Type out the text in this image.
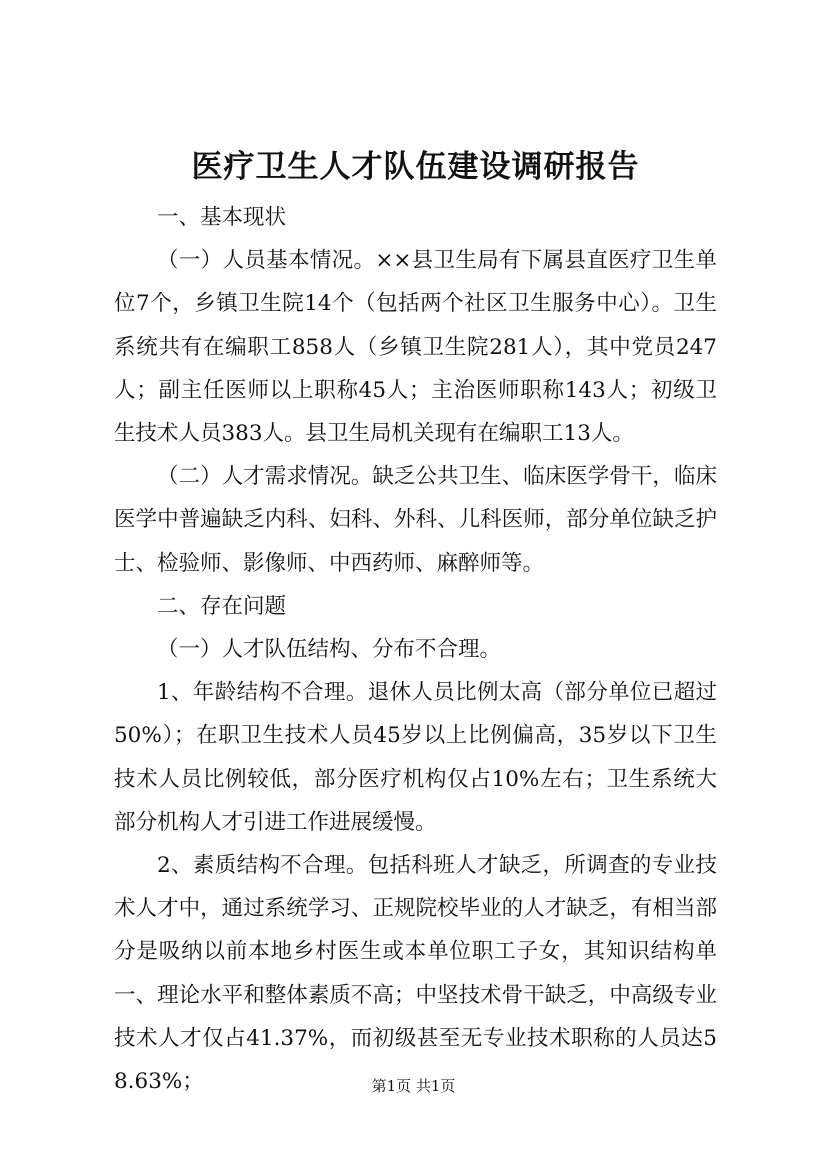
医疗卫生人才队伍建设调研报告

一、基本现状

（一）人员基本情况。××县卫生局有下属县直医疗卫生单位7个，乡镇卫生院14个（包括两个社区卫生服务中心）。卫生系统共有在编职工858人（乡镇卫生院281人），其中党员247人；副主任医师以上职称45人；主治医师职称143人；初级卫生技术人员383人。县卫生局机关现有在编职工13人。

（二）人才需求情况。缺乏公共卫生、临床医学骨干，临床医学中普遍缺乏内科、妇科、外科、儿科医师，部分单位缺乏护士、检验师、影像师、中西药师、麻醉师等。

二、存在问题

（一）人才队伍结构、分布不合理。

1、年龄结构不合理。退休人员比例太高（部分单位已超过50%）；在职卫生技术人员45岁以上比例偏高，35岁以下卫生技术人员比例较低，部分医疗机构仅占10%左右；卫生系统大部分机构人才引进工作进展缓慢。

2、素质结构不合理。包括科班人才缺乏，所调查的专业技术人才中，通过系统学习、正规院校毕业的人才缺乏，有相当部分是吸纳以前本地乡村医生或本单位职工子女，其知识结构单一、理论水平和整体素质不高；中坚技术骨干缺乏，中高级专业技术人才仅占41.37%，而初级甚至无专业技术职称的人员达58.63%；	第1页 共1页
